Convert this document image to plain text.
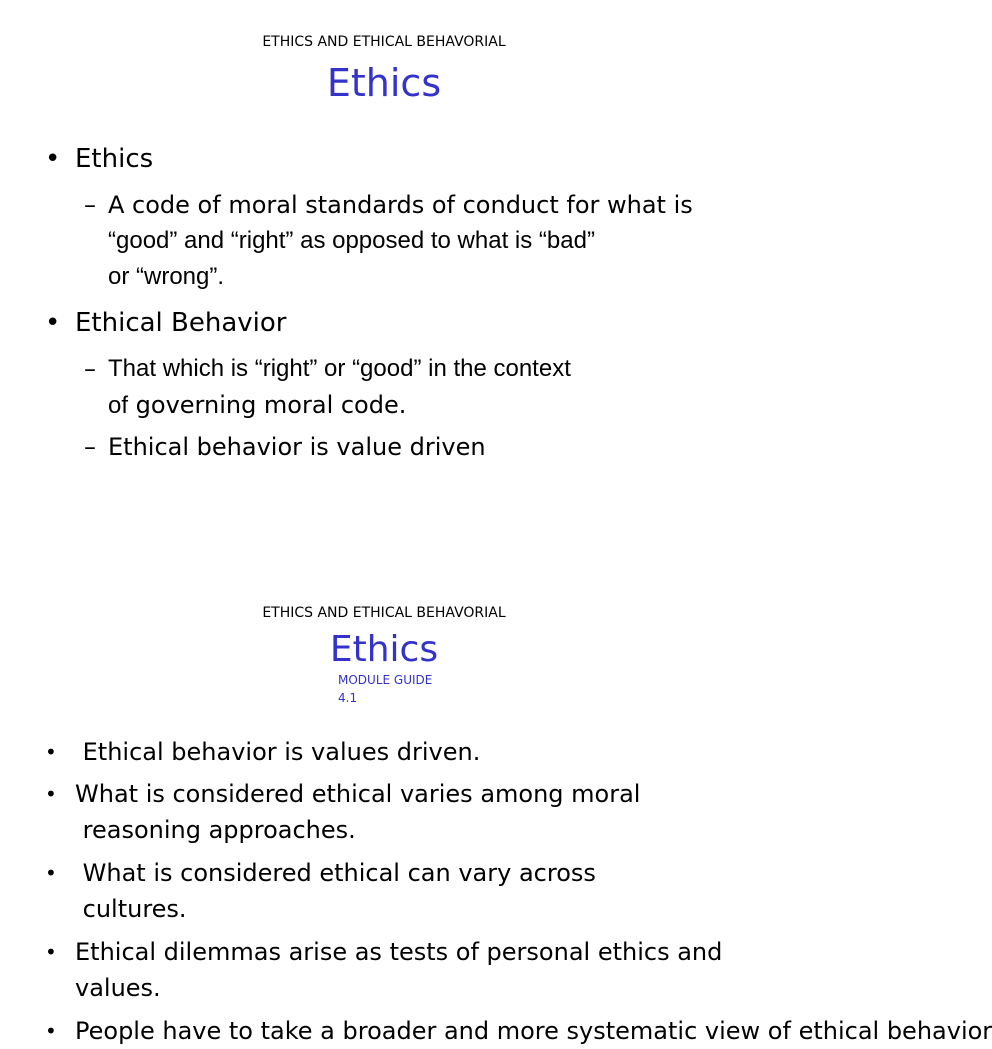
ETHICS AND ETHICAL BEHAVORIAL
Ethics
• Ethics
– A code of moral standards of conduct for what is
“good” and “right” as opposed to what is “bad”
or “wrong”.
• Ethical Behavior
– That which is “right” or “good” in the context
of governing moral code.
– Ethical behavior is value driven
ETHICS AND ETHICAL BEHAVORIAL
Ethics
MODULE GUIDE
4.1
• Ethical behavior is values driven.
• What is considered ethical varies among moral
reasoning approaches.
• What is considered ethical can vary across
cultures.
• Ethical dilemmas arise as tests of personal ethics and
values.
• People have to take a broader and more systematic view of ethical behavior
